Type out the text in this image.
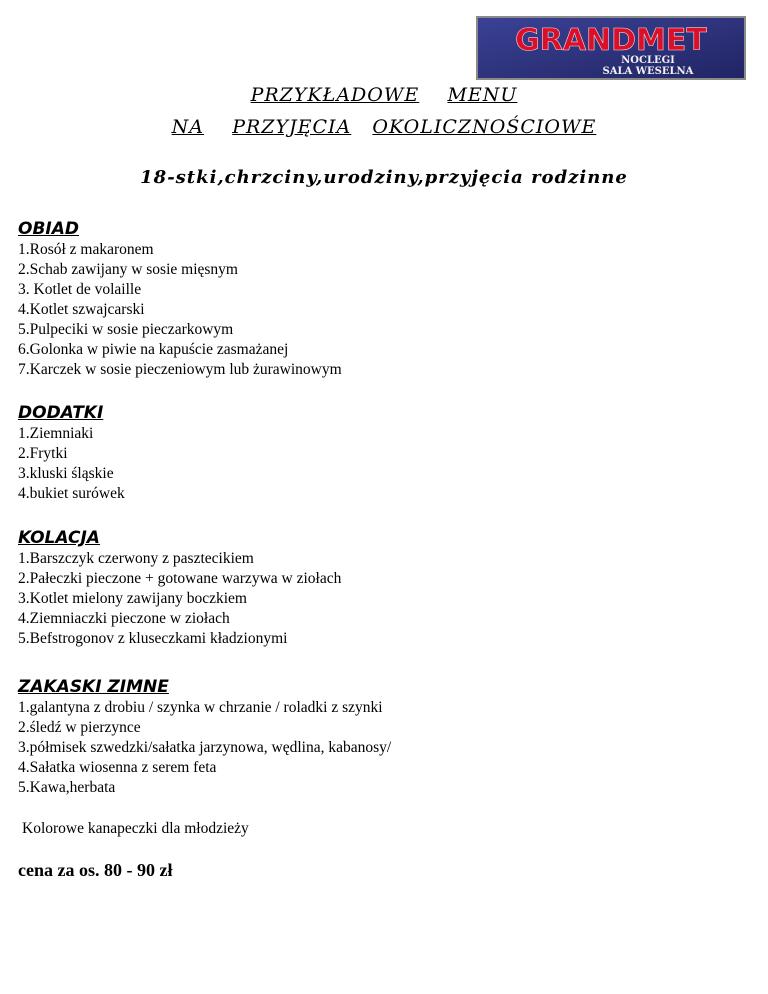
GRANDMET
NOCLEGI
SALA WESELNA
PRZYKŁADOWE MENU
NA PRZYJĘCIA OKOLICZNOŚCIOWE
18-stki,chrzciny,urodziny,przyjęcia rodzinne

OBIAD

1.Rosół z makaronem

2.Schab zawijany w sosie mięsnym

3. Kotlet de volaille

4.Kotlet szwajcarski

5.Pulpeciki w sosie pieczarkowym

6.Golonka w piwie na kapuście zasmażanej

7.Karczek w sosie pieczeniowym lub żurawinowym

DODATKI

1.Ziemniaki

2.Frytki

3.kluski śląskie

4.bukiet surówek

KOLACJA

1.Barszczyk czerwony z pasztecikiem

2.Pałeczki pieczone + gotowane warzywa w ziołach

3.Kotlet mielony zawijany boczkiem

4.Ziemniaczki pieczone w ziołach

5.Befstrogonov z kluseczkami kładzionymi

ZAKASKI ZIMNE

1.galantyna z drobiu / szynka w chrzanie / roladki z szynki

2.śledź w pierzynce

3.półmisek szwedzki/sałatka jarzynowa, wędlina, kabanosy/

4.Sałatka wiosenna z serem feta

5.Kawa,herbata

Kolorowe kanapeczki dla młodzieży
cena za os. 80 - 90 zł
